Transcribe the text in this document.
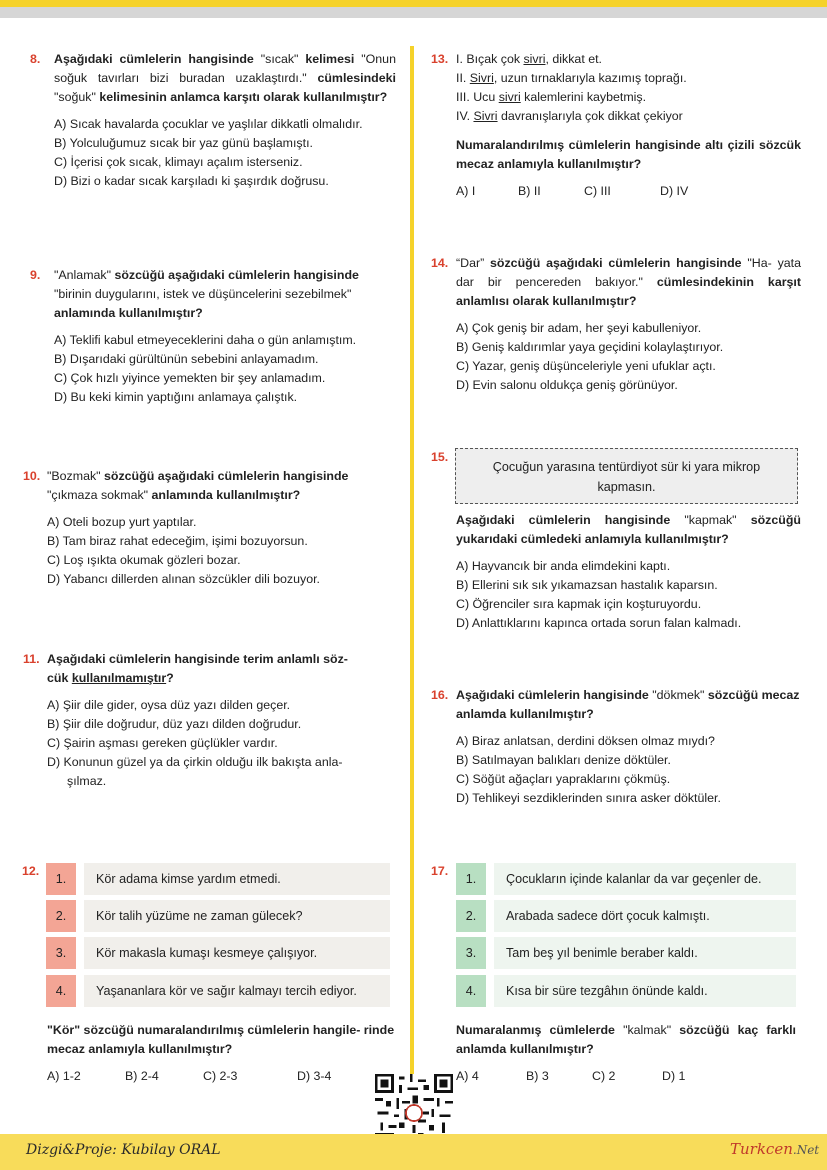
8. Aşağıdaki cümlelerin hangisinde "sıcak" kelimesi "Onun soğuk tavırları bizi buradan uzaklaştırdı." cümlesindeki "soğuk" kelimesinin anlamca karşıtı olarak kullanılmıştır?

A) Sıcak havalarda çocuklar ve yaşlılar dikkatli olmalıdır.
B) Yolculuğumuz sıcak bir yaz günü başlamıştı.
C) İçerisi çok sıcak, klimayı açalım isterseniz.
D) Bizi o kadar sıcak karşıladı ki şaşırdık doğrusu.
9. "Anlamak" sözcüğü aşağıdaki cümlelerin hangisinde "birinin duygularını, istek ve düşüncelerini sezebilmek" anlamında kullanılmıştır?

A) Teklifi kabul etmeyeceklerini daha o gün anlamıştım.
B) Dışarıdaki gürültünün sebebini anlayamadım.
C) Çok hızlı yiyince yemekten bir şey anlamadım.
D) Bu keki kimin yaptığını anlamaya çalıştık.
10. "Bozmak" sözcüğü aşağıdaki cümlelerin hangisinde "çıkmaza sokmak" anlamında kullanılmıştır?

A) Oteli bozup yurt yaptılar.
B) Tam biraz rahat edeceğim, işimi bozuyorsun.
C) Loş ışıkta okumak gözleri bozar.
D) Yabancı dillerden alınan sözcükler dili bozuyor.
11. Aşağıdaki cümlelerin hangisinde terim anlamlı söz-
cük kullanılmamıştır?

A) Şiir dile gider, oysa düz yazı dilden geçer.
B) Şiir dile doğrudur, düz yazı dilden doğrudur.
C) Şairin aşması gereken güçlükler vardır.
D) Konunun güzel ya da çirkin olduğu ilk bakışta anla-
şılmaz.
12.
1.	Kör adama kimse yardım etmedi.
2.	Kör talih yüzüme ne zaman gülecek?
3.	Kör makasla kumaşı kesmeye çalışıyor.
4.	Yaşananlara kör ve sağır kalmayı tercih ediyor.

"Kör" sözcüğü numaralandırılmış cümlelerin hangile- rinde mecaz anlamıyla kullanılmıştır?

A) 1-2	B) 2-4	C) 2-3	D) 3-4
13. I. Bıçak çok sivri, dikkat et.

II. Sivri, uzun tırnaklarıyla kazımış toprağı.

III. Ucu sivri kalemlerini kaybetmiş.

IV. Sivri davranışlarıyla çok dikkat çekiyor

Numaralandırılmış cümlelerin hangisinde altı çizili sözcük mecaz anlamıyla kullanılmıştır?

A) I	B) II	C) III	D) IV
14. “Dar” sözcüğü aşağıdaki cümlelerin hangisinde "Ha- yata dar bir pencereden bakıyor." cümlesindekinin karşıt anlamlısı olarak kullanılmıştır?

A) Çok geniş bir adam, her şeyi kabulleniyor.
B) Geniş kaldırımlar yaya geçidini kolaylaştırıyor.
C) Yazar, geniş düşünceleriyle yeni ufuklar açtı.
D) Evin salonu oldukça geniş görünüyor.
15.
Çocuğun yarasına tentürdiyot sür ki yara mikrop kapmasın.

Aşağıdaki cümlelerin hangisinde "kapmak" sözcüğü yukarıdaki cümledeki anlamıyla kullanılmıştır?

A) Hayvancık bir anda elimdekini kaptı.
B) Ellerini sık sık yıkamazsan hastalık kaparsın.
C) Öğrenciler sıra kapmak için koşturuyordu.
D) Anlattıklarını kapınca ortada sorun falan kalmadı.
16. Aşağıdaki cümlelerin hangisinde "dökmek" sözcüğü mecaz anlamda kullanılmıştır?

A) Biraz anlatsan, derdini döksen olmaz mıydı?
B) Satılmayan balıkları denize döktüler.
C) Söğüt ağaçları yapraklarını çökmüş.
D) Tehlikeyi sezdiklerinden sınıra asker döktüler.
17.
1.	Çocukların içinde kalanlar da var geçenler de.
2.	Arabada sadece dört çocuk kalmıştı.
3.	Tam beş yıl benimle beraber kaldı.
4.	Kısa bir süre tezgâhın önünde kaldı.

Numaralanmış cümlelerde "kalmak" sözcüğü kaç farklı anlamda kullanılmıştır?

A) 4	B) 3	C) 2	D) 1
Dizgi&Proje: Kubilay ORAL	Turkcen.Net
